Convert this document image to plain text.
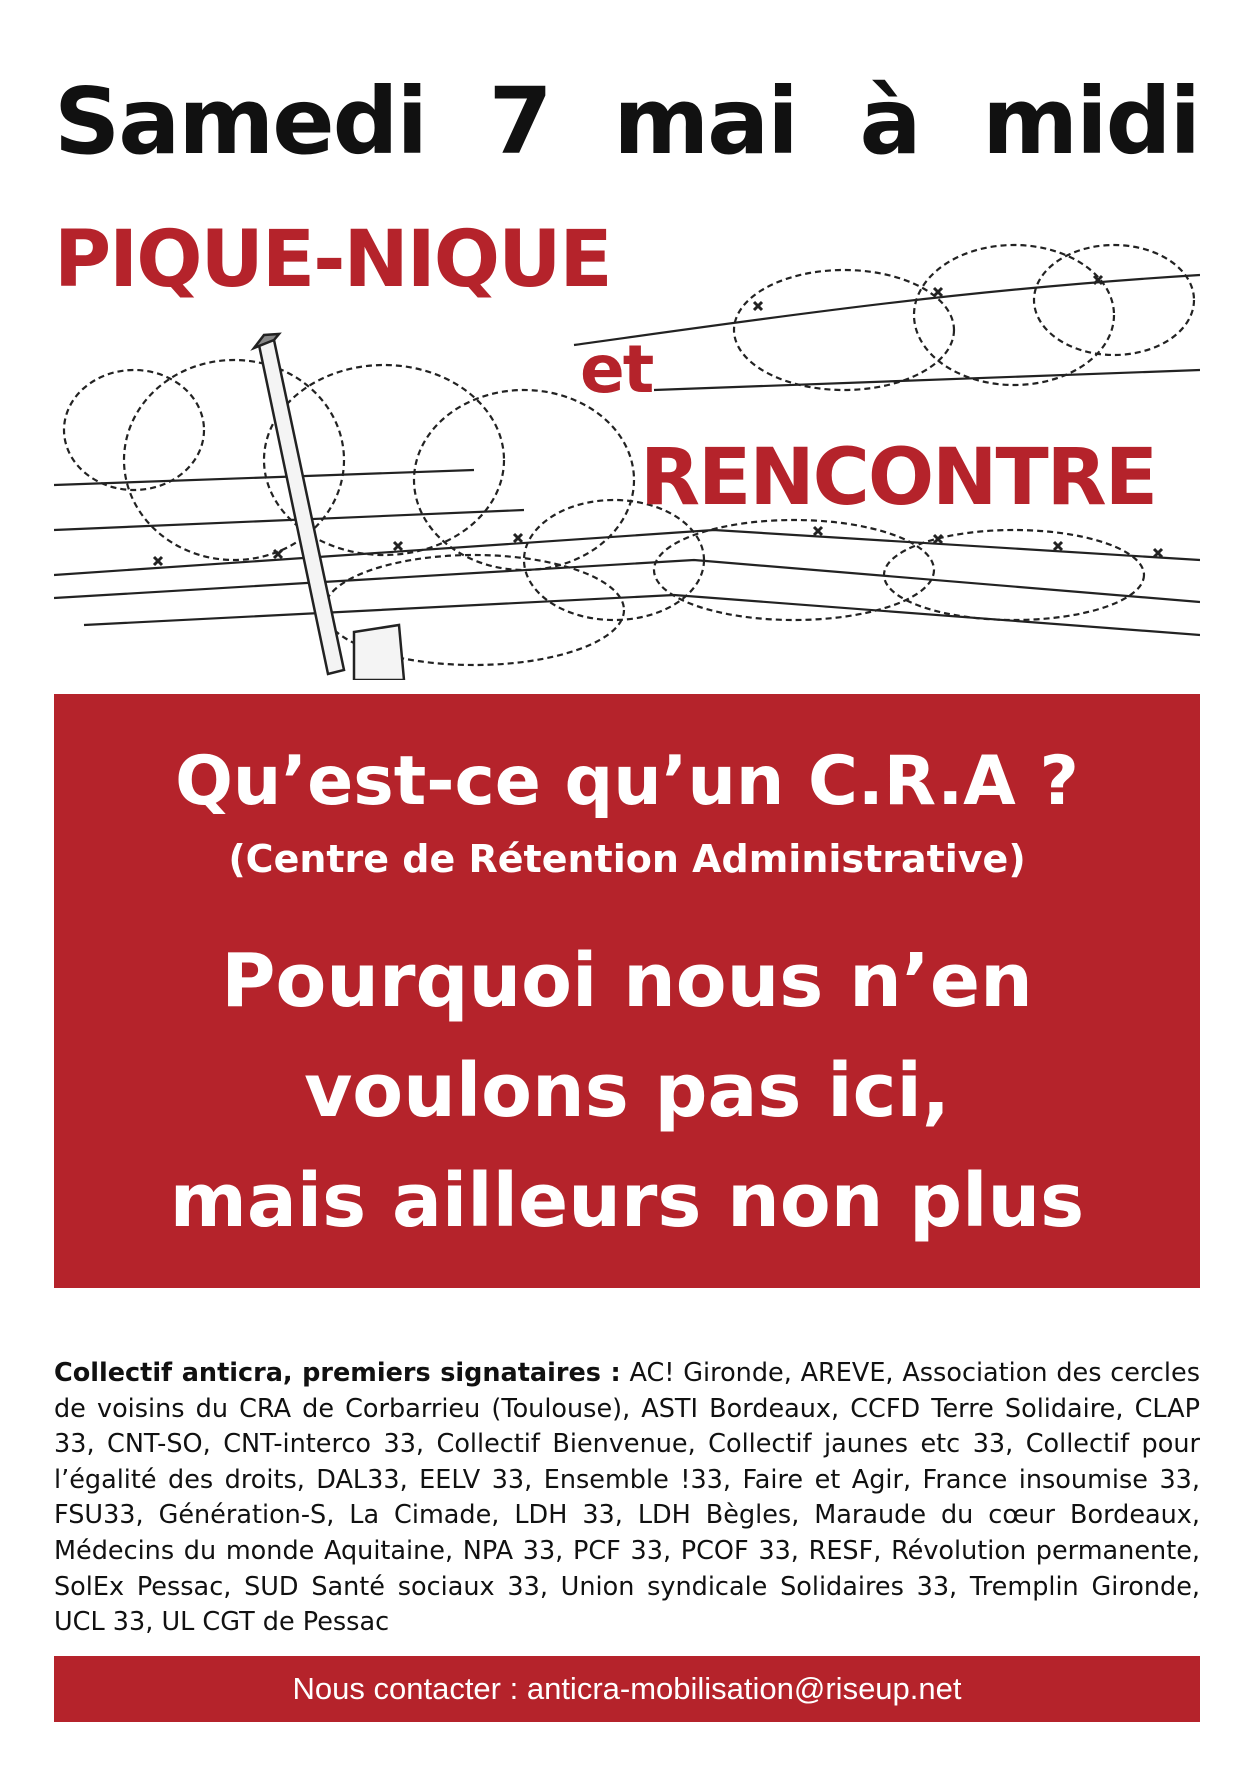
Samedi 7 mai à midi
PIQUE-NIQUE
et
RENCONTRE
Qu’est-ce qu’un C.R.A ?
(Centre de Rétention Administrative)
Pourquoi nous n’en
voulons pas ici,
mais ailleurs non plus
Collectif anticra, premiers signataires : AC! Gironde, AREVE, Association des cercles de voisins du CRA de Corbarrieu (Toulouse), ASTI Bordeaux, CCFD Terre Solidaire, CLAP 33, CNT-SO, CNT-interco 33, Collectif Bienvenue, Collectif jaunes etc 33, Collectif pour l’égalité des droits, DAL33, EELV 33, Ensemble !33, Faire et Agir, France insoumise 33, FSU33, Génération-S, La Cimade, LDH 33, LDH Bègles, Maraude du cœur Bordeaux, Médecins du monde Aquitaine, NPA 33, PCF 33, PCOF 33, RESF, Révolution permanente, SolEx Pessac, SUD Santé sociaux 33, Union syndicale Solidaires 33, Tremplin Gironde, UCL 33, UL CGT de Pessac
Nous contacter : anticra-mobilisation@riseup.net
